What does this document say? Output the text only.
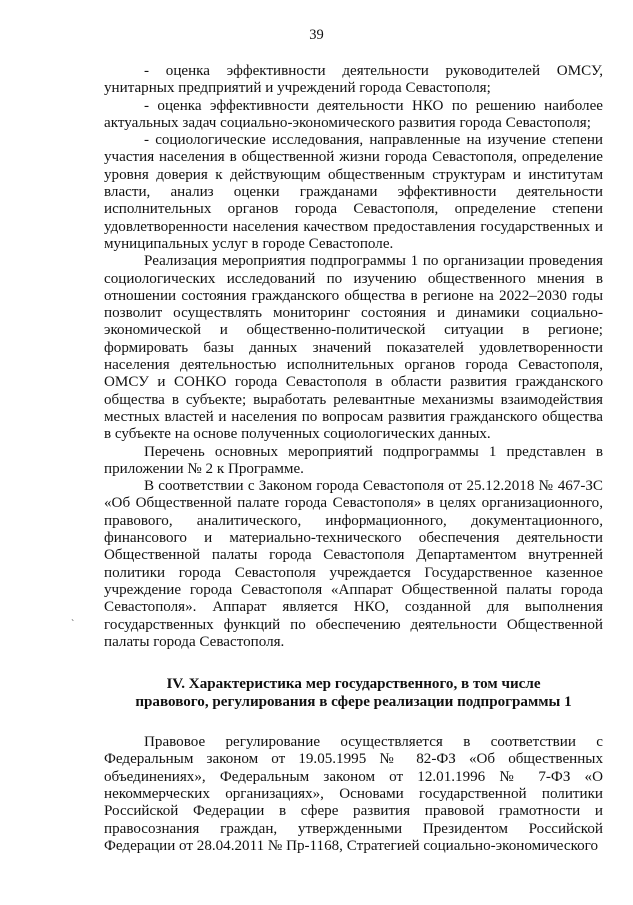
39

- оценка эффективности деятельности руководителей ОМСУ, унитарных предприятий и учреждений города Севастополя;

- оценка эффективности деятельности НКО по решению наиболее актуальных задач социально-экономического развития города Севастополя;

- социологические исследования, направленные на изучение степени участия населения в общественной жизни города Севастополя, определение уровня доверия к действующим общественным структурам и институтам власти, анализ оценки гражданами эффективности деятельности исполнительных органов города Севастополя, определение степени удовлетворенности населения качеством предоставления государственных и муниципальных услуг в городе Севастополе.

Реализация мероприятия подпрограммы 1 по организации проведения социологических исследований по изучению общественного мнения в отношении состояния гражданского общества в регионе на 2022–2030 годы позволит осуществлять мониторинг состояния и динамики социально-экономической и общественно-политической ситуации в регионе; формировать базы данных значений показателей удовлетворенности населения деятельностью исполнительных органов города Севастополя, ОМСУ и СОНКО города Севастополя в области развития гражданского общества в субъекте; выработать релевантные механизмы взаимодействия местных властей и населения по вопросам развития гражданского общества в субъекте на основе полученных социологических данных.

Перечень основных мероприятий подпрограммы 1 представлен в приложении № 2 к Программе.

В соответствии с Законом города Севастополя от 25.12.2018 № 467-ЗС «Об Общественной палате города Севастополя» в целях организационного, правового, аналитического, информационного, документационного, финансового и материально-технического обеспечения деятельности Общественной палаты города Севастополя Департаментом внутренней политики города Севастополя учреждается Государственное казенное учреждение города Севастополя «Аппарат Общественной палаты города Севастополя». Аппарат является НКО, созданной для выполнения государственных функций по обеспечению деятельности Общественной палаты города Севастополя.

IV. Характеристика мер государственного, в том числе
правового, регулирования в сфере реализации подпрограммы 1

Правовое регулирование осуществляется в соответствии с Федеральным законом от 19.05.1995 № 82-ФЗ «Об общественных объединениях», Федеральным законом от 12.01.1996 № 7-ФЗ «О некоммерческих организациях», Основами государственной политики Российской Федерации в сфере развития правовой грамотности и правосознания граждан, утвержденными Президентом Российской Федерации от 28.04.2011 № Пр-1168, Стратегией социально-экономического

`
